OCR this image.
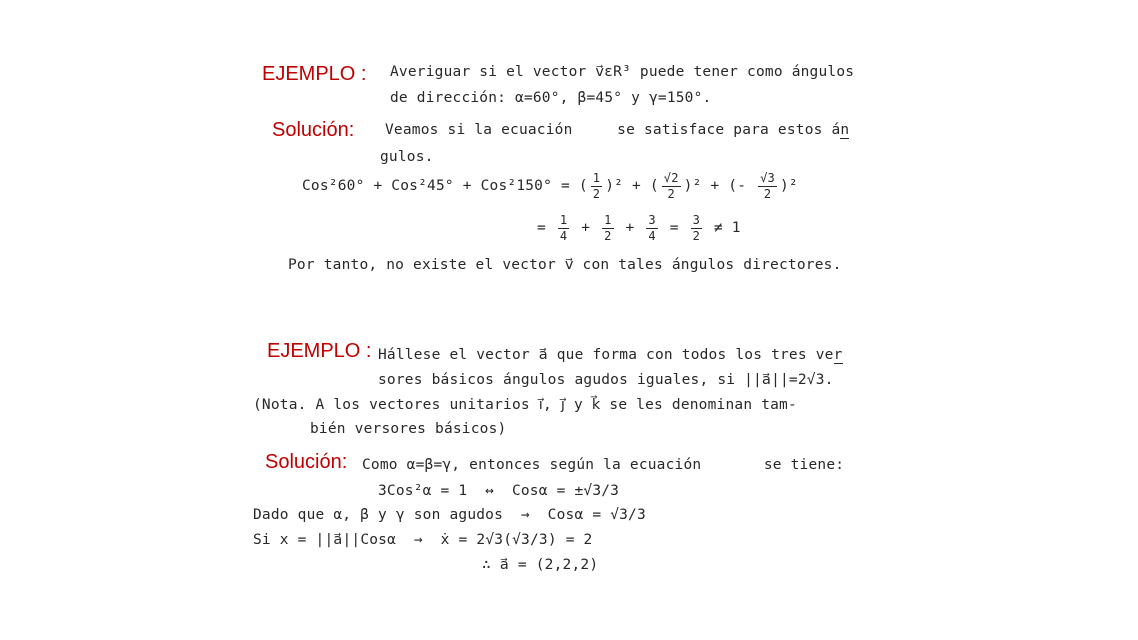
EJEMPLO : Averiguar si el vector v⃗εR³ puede tener como ángulos
de dirección: α=60°, β=45° y γ=150°.
Solución: Veamos si la ecuación     se satisface para estos án
gulos.
Cos²60° + Cos²45° + Cos²150° = ( $\frac{1}{2} )^2$ + ( $\frac{√2}{2} )^2$ + (- $\frac{√3}{2} )^2$
= $\frac{1}{4} + \frac{1}{2} + \frac{3}{4} = \frac{3}{2} \ne 1$
Por tanto, no existe el vector v⃗ con tales ángulos directores.
EJEMPLO : Hállese el vector a⃗ que forma con todos los tres ver
sores básicos ángulos agudos iguales, si ||a⃗||=2√3.
(Nota. A los vectores unitarios i⃗, j⃗ y k⃗ se les denominan tam-
bién versores básicos)
Solución: Como α=β=γ, entonces según la ecuación       se tiene:
3Cos²α = 1  ↔  Cosα = ±√3/3
Dado que α, β y γ son agudos  →  Cosα = √3/3
Si x = ||a⃗||Cosα  →  ẋ = 2√3(√3/3) = 2
∴ a⃗ = (2,2,2)
